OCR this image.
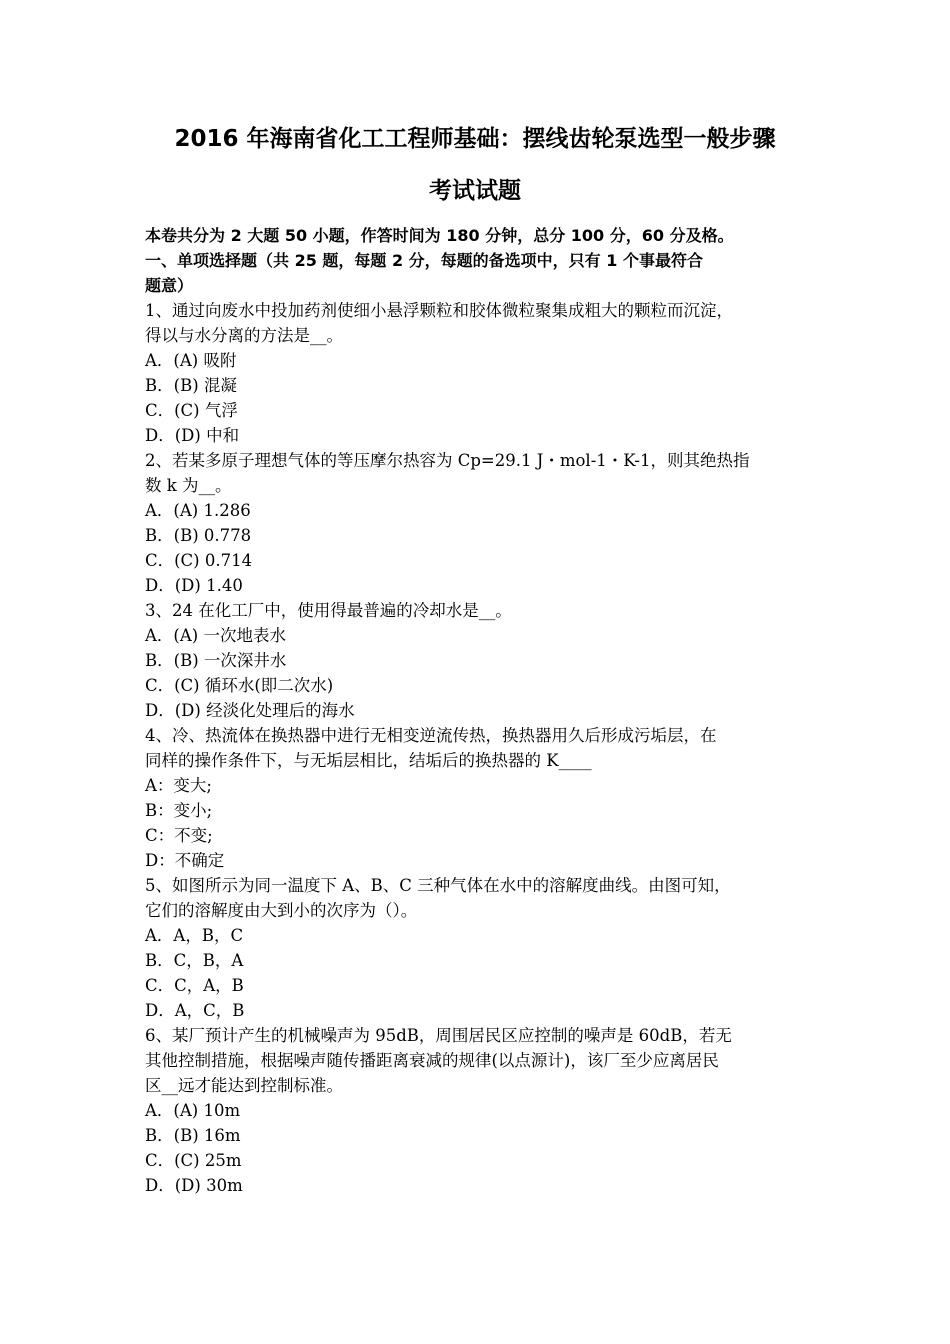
2016 年海南省化工工程师基础：摆线齿轮泵选型一般步骤
考试试题
本卷共分为 2 大题 50 小题，作答时间为 180 分钟，总分 100 分，60 分及格。
一、单项选择题（共 25 题，每题 2 分，每题的备选项中，只有 1 个事最符合
题意）
1、通过向废水中投加药剂使细小悬浮颗粒和胶体微粒聚集成粗大的颗粒而沉淀，
得以与水分离的方法是__。
A．(A) 吸附
B．(B) 混凝
C．(C) 气浮
D．(D) 中和
2、若某多原子理想气体的等压摩尔热容为 Cp=29.1 J・mol-1・K-1，则其绝热指
数 k 为__。
A．(A) 1.286
B．(B) 0.778
C．(C) 0.714
D．(D) 1.40
3、24 在化工厂中，使用得最普遍的冷却水是__。
A．(A) 一次地表水
B．(B) 一次深井水
C．(C) 循环水(即二次水)
D．(D) 经淡化处理后的海水
4、冷、热流体在换热器中进行无相变逆流传热，换热器用久后形成污垢层，在
同样的操作条件下，与无垢层相比，结垢后的换热器的 K____
A：变大;
B：变小;
C：不变;
D：不确定
5、如图所示为同一温度下 A、B、C 三种气体在水中的溶解度曲线。由图可知，
它们的溶解度由大到小的次序为（）。
A．A，B，C
B．C，B，A
C．C，A，B
D．A，C，B
6、某厂预计产生的机械噪声为 95dB，周围居民区应控制的噪声是 60dB，若无
其他控制措施，根据噪声随传播距离衰减的规律(以点源计)，该厂至少应离居民
区__远才能达到控制标准。
A．(A) 10m
B．(B) 16m
C．(C) 25m
D．(D) 30m
